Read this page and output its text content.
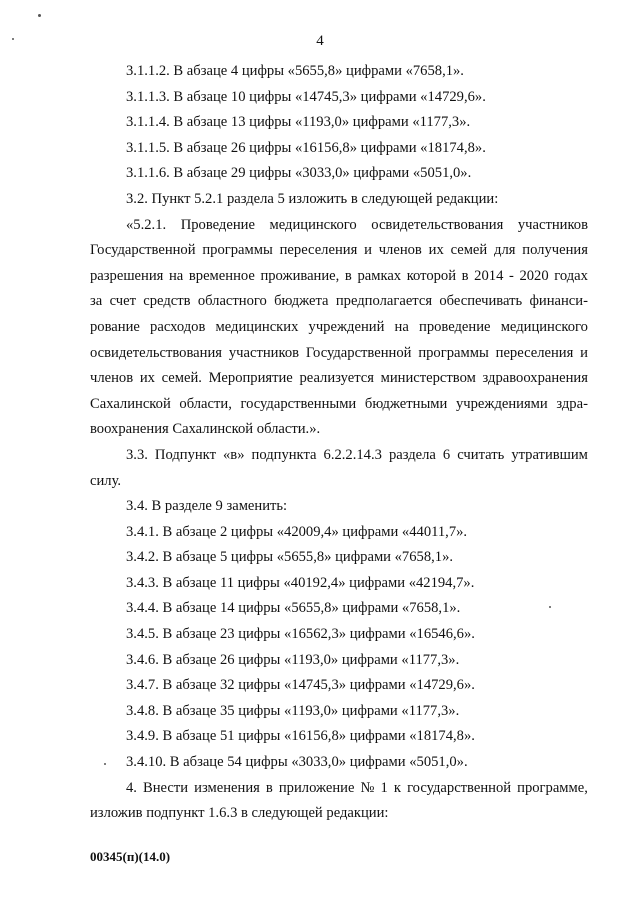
4
3.1.1.2. В абзаце 4 цифры «5655,8» цифрами «7658,1».
3.1.1.3. В абзаце 10 цифры «14745,3» цифрами «14729,6».
3.1.1.4. В абзаце 13 цифры «1193,0» цифрами «1177,3».
3.1.1.5. В абзаце 26 цифры «16156,8» цифрами «18174,8».
3.1.1.6. В абзаце 29 цифры «3033,0» цифрами «5051,0».
3.2. Пункт 5.2.1 раздела 5 изложить в следующей редакции:
«5.2.1. Проведение медицинского освидетельствования участников
Государственной программы переселения и членов их семей для получения
разрешения на временное проживание, в рамках которой в 2014 - 2020 годах
за счет средств областного бюджета предполагается обеспечивать финанси-
рование расходов медицинских учреждений на проведение медицинского
освидетельствования участников Государственной программы переселения и
членов их семей. Мероприятие реализуется министерством здравоохранения
Сахалинской области, государственными бюджетными учреждениями здра-
воохранения Сахалинской области.».
3.3. Подпункт «в» подпункта 6.2.2.14.3 раздела 6 считать утратившим
силу.
3.4. В разделе 9 заменить:
3.4.1. В абзаце 2 цифры «42009,4» цифрами «44011,7».
3.4.2. В абзаце 5 цифры «5655,8» цифрами «7658,1».
3.4.3. В абзаце 11 цифры «40192,4» цифрами «42194,7».
3.4.4. В абзаце 14 цифры «5655,8» цифрами «7658,1».
3.4.5. В абзаце 23 цифры «16562,3» цифрами «16546,6».
3.4.6. В абзаце 26 цифры «1193,0» цифрами «1177,3».
3.4.7. В абзаце 32 цифры «14745,3» цифрами «14729,6».
3.4.8. В абзаце 35 цифры «1193,0» цифрами «1177,3».
3.4.9. В абзаце 51 цифры «16156,8» цифрами «18174,8».
3.4.10. В абзаце 54 цифры «3033,0» цифрами «5051,0».
4. Внести изменения в приложение № 1 к государственной программе,
изложив подпункт 1.6.3 в следующей редакции:
00345(п)(14.0)
